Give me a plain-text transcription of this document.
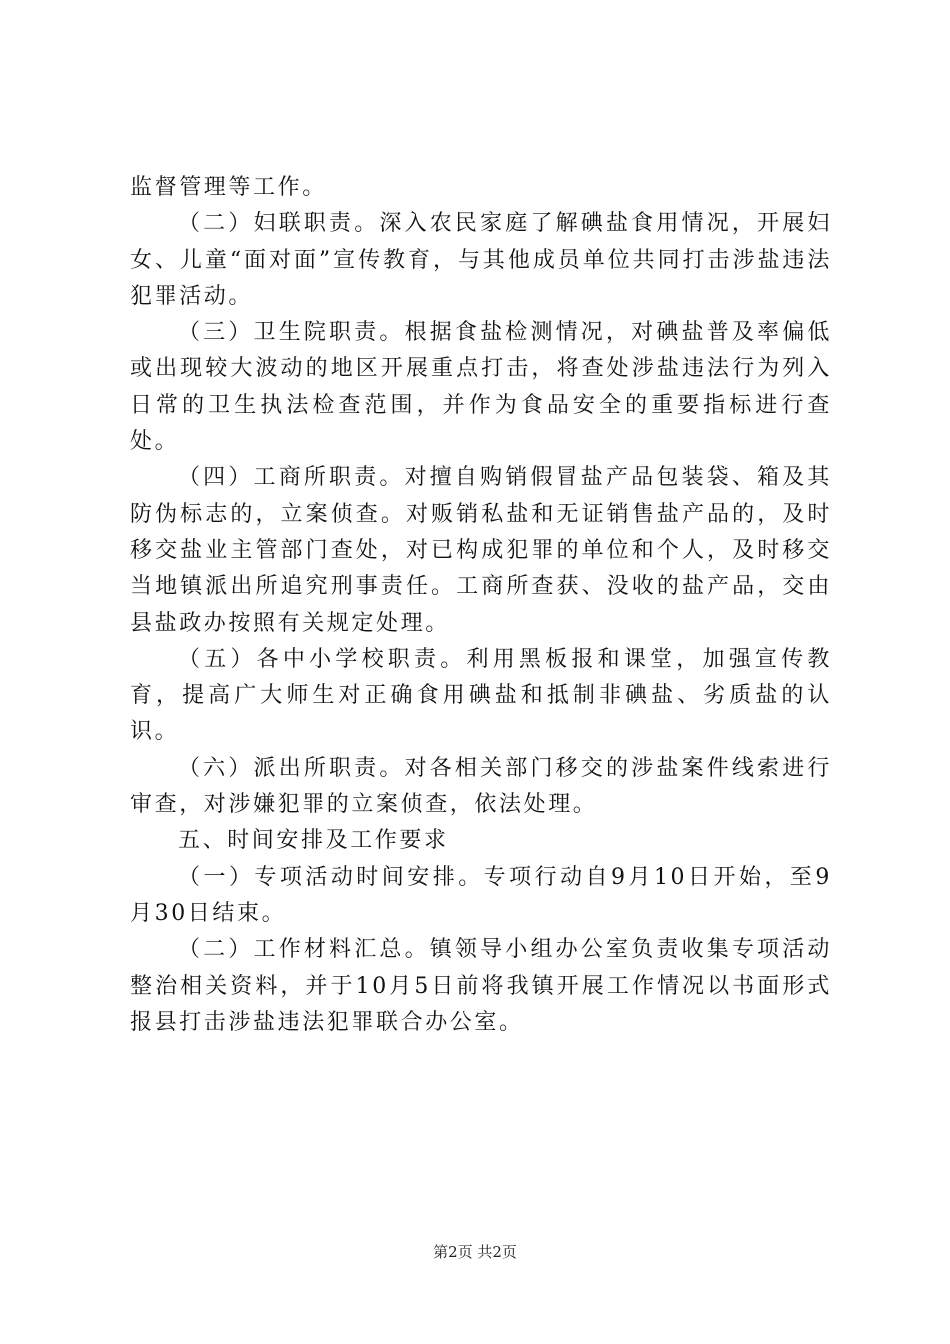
监督管理等工作。

（二）妇联职责。深入农民家庭了解碘盐食用情况，开展妇女、儿童“面对面”宣传教育，与其他成员单位共同打击涉盐违法犯罪活动。

（三）卫生院职责。根据食盐检测情况，对碘盐普及率偏低或出现较大波动的地区开展重点打击，将查处涉盐违法行为列入日常的卫生执法检查范围，并作为食品安全的重要指标进行查处。

（四）工商所职责。对擅自购销假冒盐产品包装袋、箱及其防伪标志的，立案侦查。对贩销私盐和无证销售盐产品的，及时移交盐业主管部门查处，对已构成犯罪的单位和个人，及时移交当地镇派出所追究刑事责任。工商所查获、没收的盐产品，交由县盐政办按照有关规定处理。

（五）各中小学校职责。利用黑板报和课堂，加强宣传教育，提高广大师生对正确食用碘盐和抵制非碘盐、劣质盐的认识。

（六）派出所职责。对各相关部门移交的涉盐案件线索进行审查，对涉嫌犯罪的立案侦查，依法处理。

五、时间安排及工作要求

（一）专项活动时间安排。专项行动自9月10日开始，至9月30日结束。

（二）工作材料汇总。镇领导小组办公室负责收集专项活动整治相关资料，并于10月5日前将我镇开展工作情况以书面形式报县打击涉盐违法犯罪联合办公室。

第2页 共2页
